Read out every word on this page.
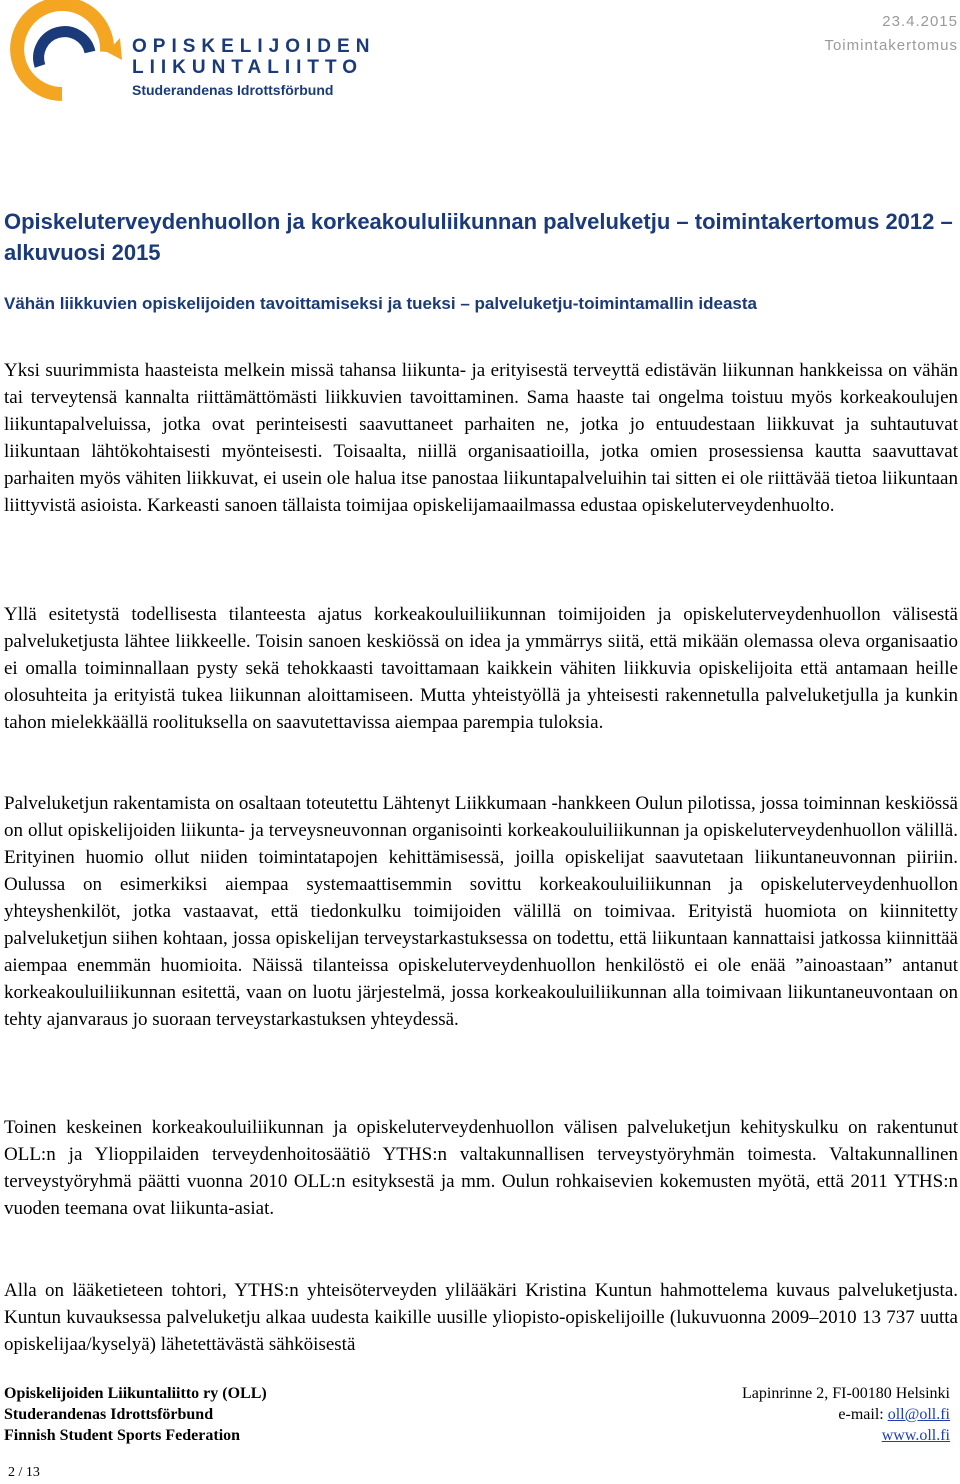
OPISKELIJOIDEN
LIIKUNTALIITTO
Studerandenas Idrottsförbund
23.4.2015
Toimintakertomus
Opiskeluterveydenhuollon ja korkeakoululiikunnan palveluketju – toimintakertomus 2012 – alkuvuosi 2015
Vähän liikkuvien opiskelijoiden tavoittamiseksi ja tueksi – palveluketju-toimintamallin ideasta

Yksi suurimmista haasteista melkein missä tahansa liikunta- ja erityisestä terveyttä edistävän liikunnan hankkeissa on vähän tai terveytensä kannalta riittämättömästi liikkuvien tavoittaminen. Sama haaste tai ongelma toistuu myös korkeakoulujen liikuntapalveluissa, jotka ovat perinteisesti saavuttaneet parhaiten ne, jotka jo entuudestaan liikkuvat ja suhtautuvat liikuntaan lähtökohtaisesti myönteisesti. Toisaalta, niillä organisaatioilla, jotka omien prosessiensa kautta saavuttavat parhaiten myös vähiten liikkuvat, ei usein ole halua itse panostaa liikuntapalveluihin tai sitten ei ole riittävää tietoa liikuntaan liittyvistä asioista. Karkeasti sanoen tällaista toimijaa opiskelijamaailmassa edustaa opiskeluterveydenhuolto.

Yllä esitetystä todellisesta tilanteesta ajatus korkeakouluiliikunnan toimijoiden ja opiskeluterveydenhuollon välisestä palveluketjusta lähtee liikkeelle. Toisin sanoen keskiössä on idea ja ymmärrys siitä, että mikään olemassa oleva organisaatio ei omalla toiminnallaan pysty sekä tehokkaasti tavoittamaan kaikkein vähiten liikkuvia opiskelijoita että antamaan heille olosuhteita ja erityistä tukea liikunnan aloittamiseen. Mutta yhteistyöllä ja yhteisesti rakennetulla palveluketjulla ja kunkin tahon mielekkäällä roolituksella on saavutettavissa aiempaa parempia tuloksia.

Palveluketjun rakentamista on osaltaan toteutettu Lähtenyt Liikkumaan -hankkeen Oulun pilotissa, jossa toiminnan keskiössä on ollut opiskelijoiden liikunta- ja terveysneuvonnan organisointi korkeakouluiliikunnan ja opiskeluterveydenhuollon välillä. Erityinen huomio ollut niiden toimintatapojen kehittämisessä, joilla opiskelijat saavutetaan liikuntaneuvonnan piiriin. Oulussa on esimerkiksi aiempaa systemaattisemmin sovittu korkeakouluiliikunnan ja opiskeluterveydenhuollon yhteyshenkilöt, jotka vastaavat, että tiedonkulku toimijoiden välillä on toimivaa. Erityistä huomiota on kiinnitetty palveluketjun siihen kohtaan, jossa opiskelijan terveystarkastuksessa on todettu, että liikuntaan kannattaisi jatkossa kiinnittää aiempaa enemmän huomioita. Näissä tilanteissa opiskeluterveydenhuollon henkilöstö ei ole enää ”ainoastaan” antanut korkeakouluiliikunnan esitettä, vaan on luotu järjestelmä, jossa korkeakouluiliikunnan alla toimivaan liikuntaneuvontaan on tehty ajanvaraus jo suoraan terveystarkastuksen yhteydessä.

Toinen keskeinen korkeakouluiliikunnan ja opiskeluterveydenhuollon välisen palveluketjun kehityskulku on rakentunut OLL:n ja Ylioppilaiden terveydenhoitosäätiö YTHS:n valtakunnallisen terveystyöryhmän toimesta. Valtakunnallinen terveystyöryhmä päätti vuonna 2010 OLL:n esityksestä ja mm. Oulun rohkaisevien kokemusten myötä, että 2011 YTHS:n vuoden teemana ovat liikunta-asiat.

Alla on lääketieteen tohtori, YTHS:n yhteisöterveyden ylilääkäri Kristina Kuntun hahmottelema kuvaus palveluketjusta. Kuntun kuvauksessa palveluketju alkaa uudesta kaikille uusille yliopisto-opiskelijoille (lukuvuonna 2009–2010 13 737 uutta opiskelijaa/kyselyä) lähetettävästä sähköisestä

Opiskelijoiden Liikuntaliitto ry (OLL)
Studerandenas Idrottsförbund
Finnish Student Sports Federation
Lapinrinne 2, FI-00180 Helsinki
e-mail: oll@oll.fi
www.oll.fi
2 / 13
